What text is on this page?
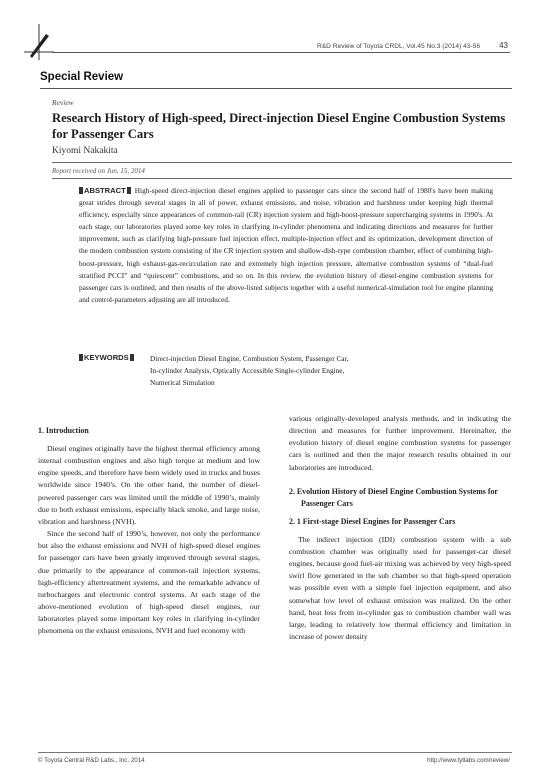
R&D Review of Toyota CRDL, Vol.45 No.3 (2014) 43-56 43
Special Review
Review
Research History of High-speed, Direct-injection Diesel Engine Combustion Systems for Passenger Cars
Kiyomi Nakakita
Report received on Jun. 15, 2014

ABSTRACT High-speed direct-injection diesel engines applied to passenger cars since the second half of 1980's have been making great strides through several stages in all of power, exhaust emissions, and noise, vibration and harshness under keeping high thermal efficiency, especially since appearances of common-rail (CR) injection system and high-boost-pressure supercharging systems in 1990's. At each stage, our laboratories played some key roles in clarifying in-cylinder phenomena and indicating directions and measures for further improvement, such as clarifying high-pressure fuel injection effect, multiple-injection effect and its optimization, development direction of the modern combustion system consisting of the CR injection system and shallow-dish-type combustion chamber, effect of combining high-boost-pressure, high exhaust-gas-recirculation rate and extremely high injection pressure, alternative combustion systems of “dual-fuel stratified PCCI” and “quiescent” combustions, and so on. In this review, the evolution history of diesel-engine combustion systems for passenger cars is outlined, and then results of the above-listed subjects together with a useful numerical-simulation tool for engine planning and control-parameters adjusting are all introduced.

KEYWORDS	Direct-injection Diesel Engine, Combustion System, Passenger Car,
In-cylinder Analysis, Optically Accessible Single-cylinder Engine,
Numerical Simulation

1. Introduction

Diesel engines originally have the highest thermal efficiency among internal combustion engines and also high torque at medium and low engine speeds, and therefore have been widely used in trucks and buses worldwide since 1940’s. On the other hand, the number of diesel-powered passenger cars was limited until the middle of 1990’s, mainly due to both exhaust emissions, especially black smoke, and large noise, vibration and harshness (NVH).

Since the second half of 1990’s, however, not only the performance but also the exhaust emissions and NVH of high-speed diesel engines for passenger cars have been greatly improved through several stages, due primarily to the appearance of common-rail injection systems, high-efficiency aftertreatment systems, and the remarkable advance of turbochargers and electronic control systems. At each stage of the above-mentioned evolution of high-speed diesel engines, our laboratories played some important key roles in clarifying in-cylinder phenomena on the exhaust emissions, NVH and fuel economy with

various originally-developed analysis methods, and in indicating the direction and measures for further improvement. Hereinafter, the evolution history of diesel engine combustion systems for passenger cars is outlined and then the major research results obtained in our laboratories are introduced.

2. Evolution History of Diesel Engine Combustion Systems for Passenger Cars
2. 1 First-stage Diesel Engines for Passenger Cars

The indirect injection (IDI) combustion system with a sub combustion chamber was originally used for passenger-car diesel engines, because good fuel-air mixing was achieved by very high-speed swirl flow generated in the sub chamber so that high-speed operation was possible even with a simple fuel injection equipment, and also somewhat low level of exhaust emission was realized. On the other hand, heat loss from in-cylinder gas to combustion chamber wall was large, leading to relatively low thermal efficiency and limitation in increase of power density

© Toyota Central R&D Labs., Inc. 2014	http://www.tytlabs.com/review/
